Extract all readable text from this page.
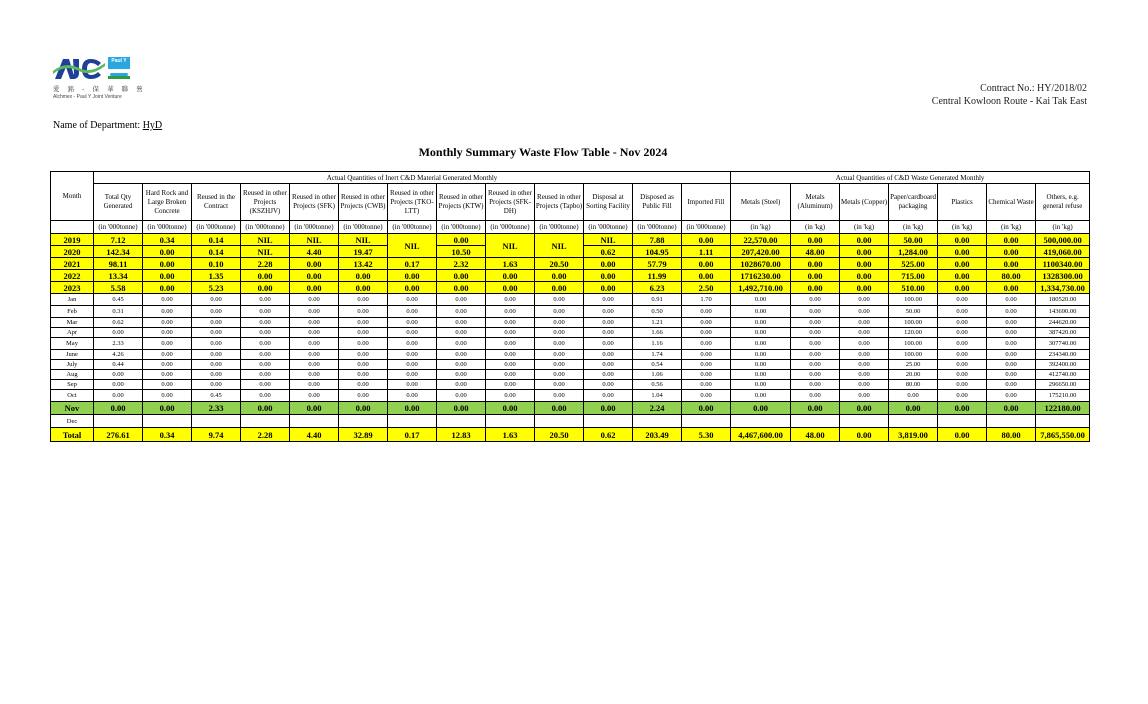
Paul Y
愛 銘 - 保 華 聯 營
Alchmex - Paul Y Joint Venture
Contract No.: HY/2018/02
Central Kowloon Route - Kai Tak East
Name of Department: HyD
Monthly Summary Waste Flow Table - Nov 2024
Month	Actual Quantities of Inert C&D Material Generated Monthly													Actual Quantities of C&D Waste Generated Monthly						
	Total Qty Generated	Hard Rock and Large Broken Concrete	Reused in the Contract	Reused in other Projects (KSZHJV)	Reused in other Projects (SFK)	Reused in other Projects (CWB)	Reused in other Projects (TKO-LTT)	Reused in other Projects (KTW)	Reused in other Projects (SFK-DH)	Reused in other Projects (Tapbo)	Disposal at Sorting Facility	Disposed as Public Fill	Imported Fill	Metals (Steel)	Metals (Aluminum)	Metals (Copper)	Paper/cardboard packaging	Plastics	Chemical Waste	Others, e.g. general refuse
	(in '000tonne)	(in '000tonne)	(in '000tonne)	(in '000tonne)	(in '000tonne)	(in '000tonne)	(in '000tonne)	(in '000tonne)	(in '000tonne)	(in '000tonne)	(in '000tonne)	(in '000tonne)	(in '000tonne)	(in 'kg)	(in 'kg)	(in 'kg)	(in 'kg)	(in 'kg)	(in 'kg)	(in 'kg)
2019	7.12	0.34	0.14	NIL	NIL	NIL	NIL	0.00	NIL	NIL	NIL	7.88	0.00	22,570.00	0.00	0.00	50.00	0.00	0.00	500,000.00
2020	142.34	0.00	0.14	NIL	4.40	19.47		10.50			0.62	104.95	1.11	207,420.00	48.00	0.00	1,284.00	0.00	0.00	419,060.00
2021	98.11	0.00	0.10	2.28	0.00	13.42	0.17	2.32	1.63	20.50	0.00	57.79	0.00	1028670.00	0.00	0.00	525.00	0.00	0.00	1100340.00
2022	13.34	0.00	1.35	0.00	0.00	0.00	0.00	0.00	0.00	0.00	0.00	11.99	0.00	1716230.00	0.00	0.00	715.00	0.00	80.00	1328300.00
2023	5.58	0.00	5.23	0.00	0.00	0.00	0.00	0.00	0.00	0.00	0.00	6.23	2.50	1,492,710.00	0.00	0.00	510.00	0.00	0.00	1,334,730.00
Jan	0.45	0.00	0.00	0.00	0.00	0.00	0.00	0.00	0.00	0.00	0.00	0.91	1.70	0.00	0.00	0.00	100.00	0.00	0.00	180520.00
Feb	0.31	0.00	0.00	0.00	0.00	0.00	0.00	0.00	0.00	0.00	0.00	0.50	0.00	0.00	0.00	0.00	50.00	0.00	0.00	143690.00
Mar	0.62	0.00	0.00	0.00	0.00	0.00	0.00	0.00	0.00	0.00	0.00	1.21	0.00	0.00	0.00	0.00	100.00	0.00	0.00	244620.00
Apr	0.00	0.00	0.00	0.00	0.00	0.00	0.00	0.00	0.00	0.00	0.00	1.66	0.00	0.00	0.00	0.00	120.00	0.00	0.00	387420.00
May	2.33	0.00	0.00	0.00	0.00	0.00	0.00	0.00	0.00	0.00	0.00	1.16	0.00	0.00	0.00	0.00	100.00	0.00	0.00	307740.00
June	4.26	0.00	0.00	0.00	0.00	0.00	0.00	0.00	0.00	0.00	0.00	1.74	0.00	0.00	0.00	0.00	100.00	0.00	0.00	234340.00
July	0.44	0.00	0.00	0.00	0.00	0.00	0.00	0.00	0.00	0.00	0.00	0.54	0.00	0.00	0.00	0.00	25.00	0.00	0.00	392400.00
Aug	0.00	0.00	0.00	0.00	0.00	0.00	0.00	0.00	0.00	0.00	0.00	1.06	0.00	0.00	0.00	0.00	20.00	0.00	0.00	412740.00
Sep	0.00	0.00	0.00	0.00	0.00	0.00	0.00	0.00	0.00	0.00	0.00	0.56	0.00	0.00	0.00	0.00	80.00	0.00	0.00	296650.00
Oct	0.00	0.00	0.45	0.00	0.00	0.00	0.00	0.00	0.00	0.00	0.00	1.04	0.00	0.00	0.00	0.00	0.00	0.00	0.00	175210.00
Nov	0.00	0.00	2.33	0.00	0.00	0.00	0.00	0.00	0.00	0.00	0.00	2.24	0.00	0.00	0.00	0.00	0.00	0.00	0.00	122180.00
Dec																				
Total	276.61	0.34	9.74	2.28	4.40	32.89	0.17	12.83	1.63	20.50	0.62	203.49	5.30	4,467,600.00	48.00	0.00	3,819.00	0.00	80.00	7,865,550.00
